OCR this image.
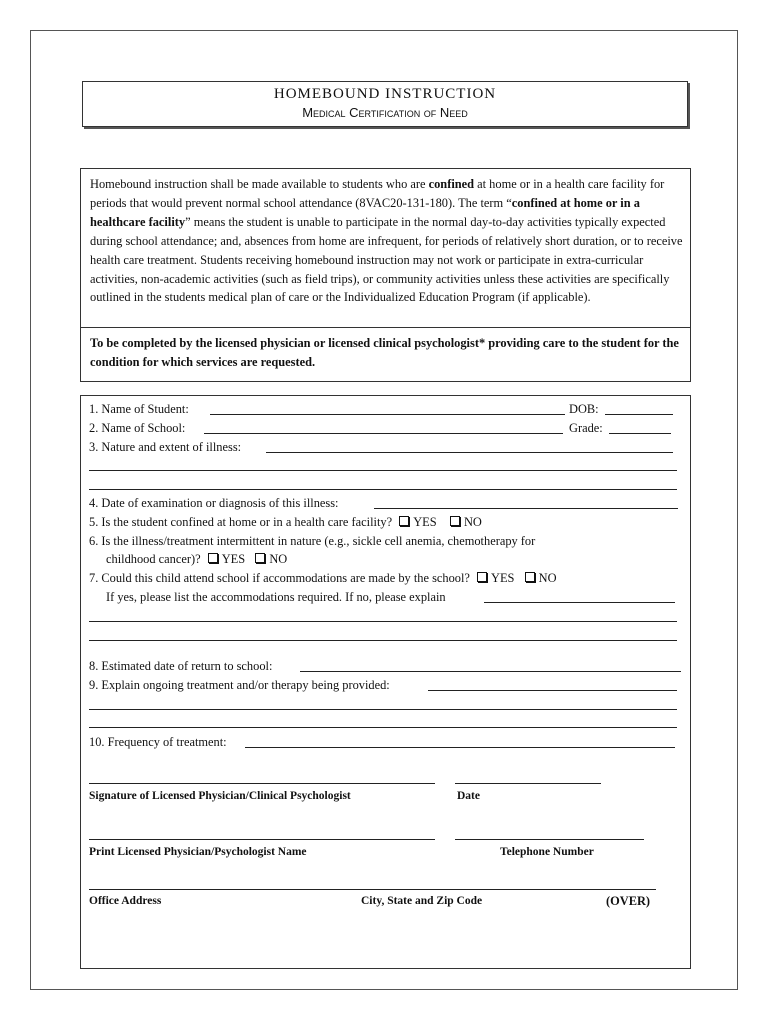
HOMEBOUND INSTRUCTION
Medical Certification of Need
Homebound instruction shall be made available to students who are confined at home or in a health care facility for periods that would prevent normal school attendance (8VAC20-131-180). The term “confined at home or in a healthcare facility” means the student is unable to participate in the normal day-to-day activities typically expected during school attendance; and, absences from home are infrequent, for periods of relatively short duration, or to receive health care treatment. Students receiving homebound instruction may not work or participate in extra-curricular activities, non-academic activities (such as field trips), or community activities unless these activities are specifically outlined in the students medical plan of care or the Individualized Education Program (if applicable).
To be completed by the licensed physician or licensed clinical psychologist* providing care to the student for the condition for which services are requested.
1. Name of Student:	DOB:
2. Name of School:	Grade:
3. Nature and extent of illness:
4. Date of examination or diagnosis of this illness:
5. Is the student confined at home or in a health care facility? YES NO
6. Is the illness/treatment intermittent in nature (e.g., sickle cell anemia, chemotherapy for
childhood cancer)? YES NO
7. Could this child attend school if accommodations are made by the school? YES NO
If yes, please list the accommodations required. If no, please explain
8. Estimated date of return to school:
9. Explain ongoing treatment and/or therapy being provided:
10. Frequency of treatment:
Signature of Licensed Physician/Clinical Psychologist	Date
Print Licensed Physician/Psychologist Name	Telephone Number
Office Address	City, State and Zip Code	(OVER)
